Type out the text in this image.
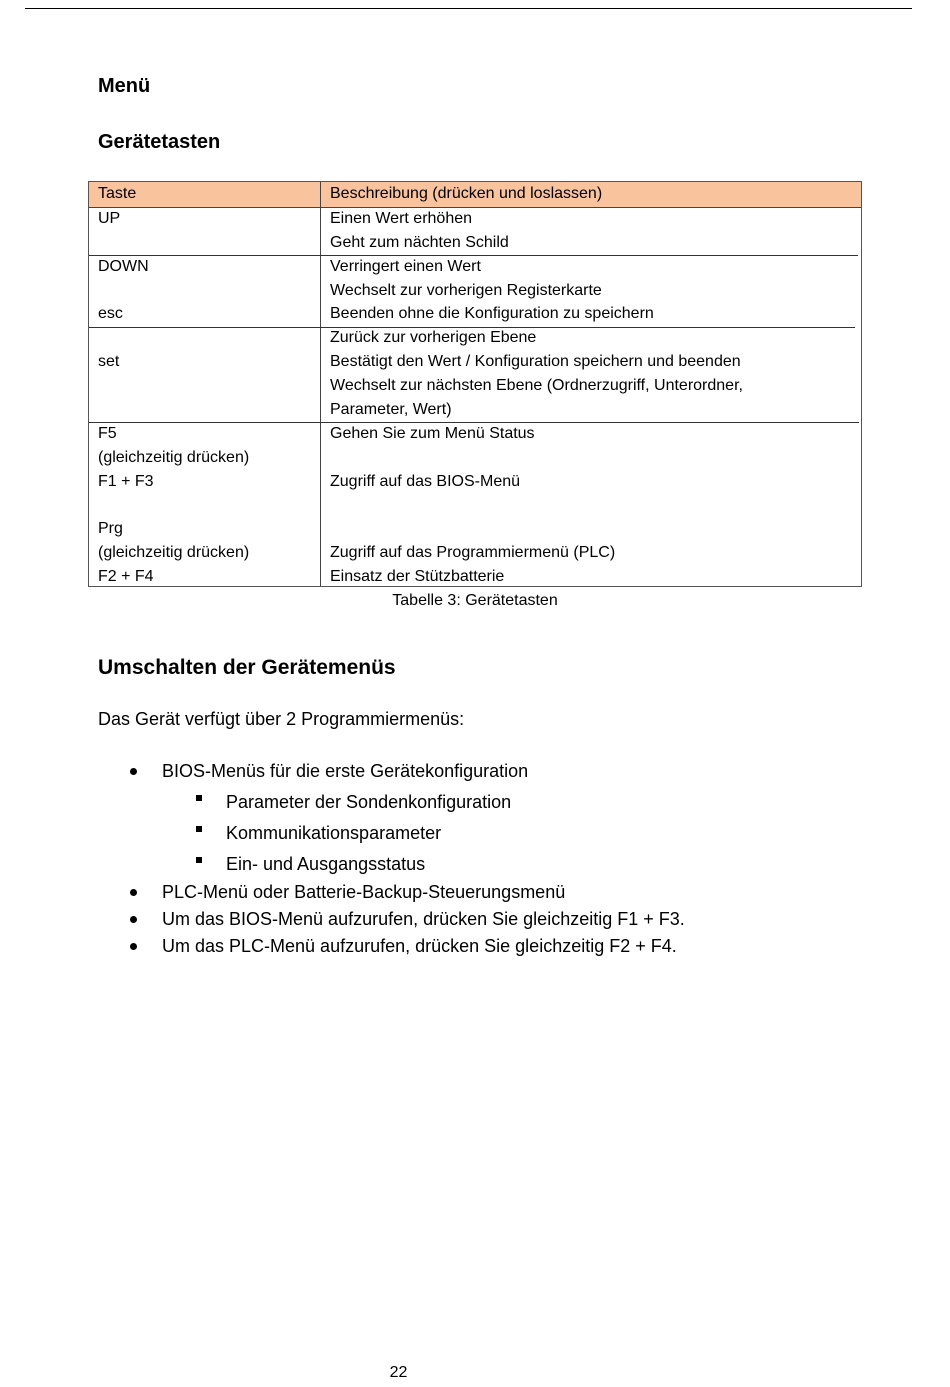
Menü
Gerätetasten
Taste	Beschreibung (drücken und loslassen)
UP
DOWN
esc
set
F5
(gleichzeitig drücken)
F1 + F3
Prg
(gleichzeitig drücken)
F2 + F4
Einen Wert erhöhen
Geht zum nächten Schild
Verringert einen Wert
Wechselt zur vorherigen Registerkarte
Beenden ohne die Konfiguration zu speichern
Zurück zur vorherigen Ebene
Bestätigt den Wert / Konfiguration speichern und beenden
Wechselt zur nächsten Ebene (Ordnerzugriff, Unterordner,
Parameter, Wert)
Gehen Sie zum Menü Status
Zugriff auf das BIOS-Menü
Zugriff auf das Programmiermenü (PLC)
Einsatz der Stützbatterie
Tabelle 3: Gerätetasten
Umschalten der Gerätemenüs

Das Gerät verfügt über 2 Programmiermenüs:

BIOS-Menüs für die erste Gerätekonfiguration
Parameter der Sondenkonfiguration
Kommunikationsparameter
Ein- und Ausgangsstatus
PLC-Menü oder Batterie-Backup-Steuerungsmenü
Um das BIOS-Menü aufzurufen, drücken Sie gleichzeitig F1 + F3.
Um das PLC-Menü aufzurufen, drücken Sie gleichzeitig F2 + F4.
22
